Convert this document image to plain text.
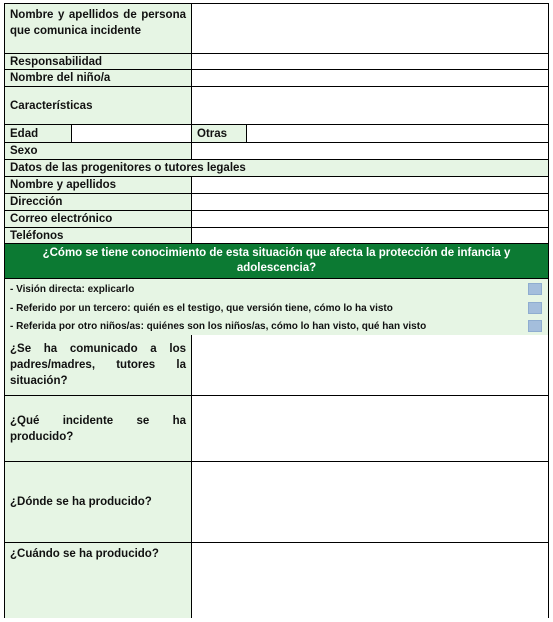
Nombre y apellidos de persona que comunica incidente
Responsabilidad
Nombre del niño/a
Características
Edad	Otras
Sexo
Datos de las progenitores o tutores legales
Nombre y apellidos
Dirección
Correo electrónico
Teléfonos
¿Cómo se tiene conocimiento de esta situación que afecta la protección de infancia y adolescencia?
- Visión directa: explicarlo
- Referido por un tercero: quién es el testigo, que versión tiene, cómo lo ha visto
- Referida por otro niños/as: quiénes son los niños/as, cómo lo han visto, qué han visto
¿Se ha comunicado a los padres/madres, tutores la situación?
¿Qué incidente se ha producido?
¿Dónde se ha producido?
¿Cuándo se ha producido?
